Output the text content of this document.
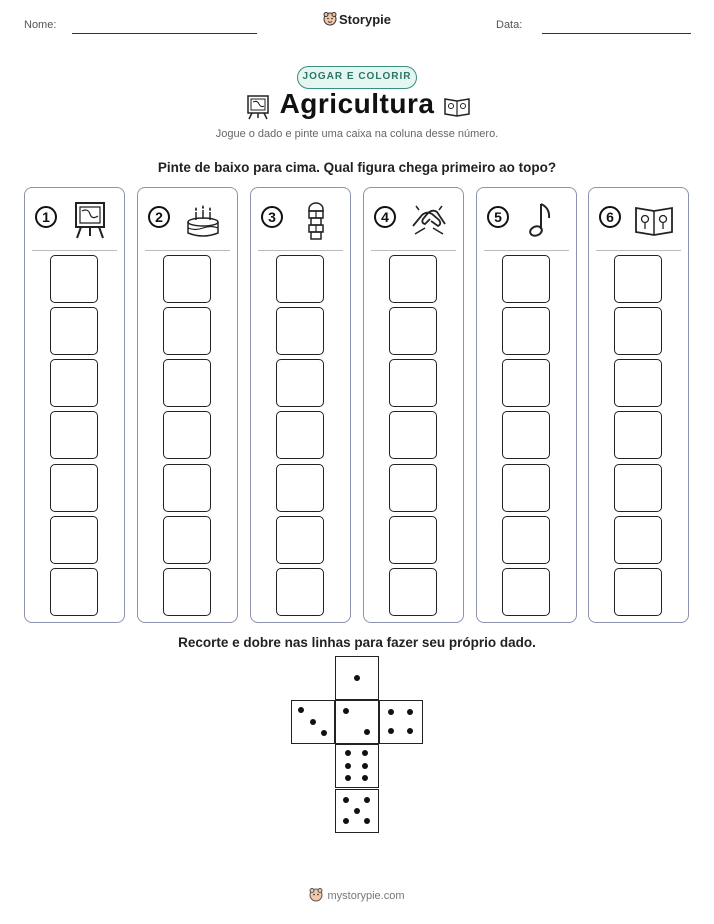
Nome:	Storypie	Data:
JOGAR E COLORIR
Agricultura
Jogue o dado e pinte uma caixa na coluna desse número.
Pinte de baixo para cima. Qual figura chega primeiro ao topo?
1	2	3	4	5	6
Recorte e dobre nas linhas para fazer seu próprio dado.
mystorypie.com
